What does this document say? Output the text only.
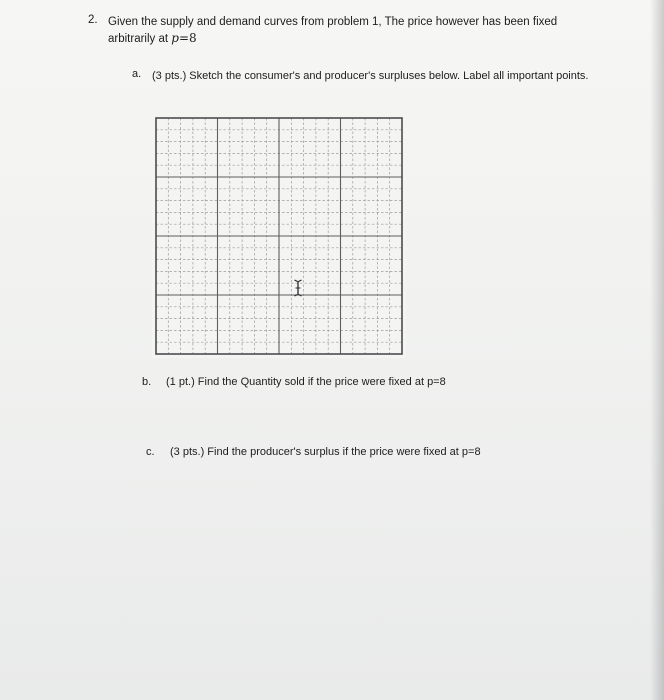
2. Given the supply and demand curves from problem 1, The price however has been fixed
arbitrarily at p=8
a. (3 pts.) Sketch the consumer's and producer's surpluses below. Label all important points.
b. (1 pt.) Find the Quantity sold if the price were fixed at p=8
c. (3 pts.) Find the producer's surplus if the price were fixed at p=8
